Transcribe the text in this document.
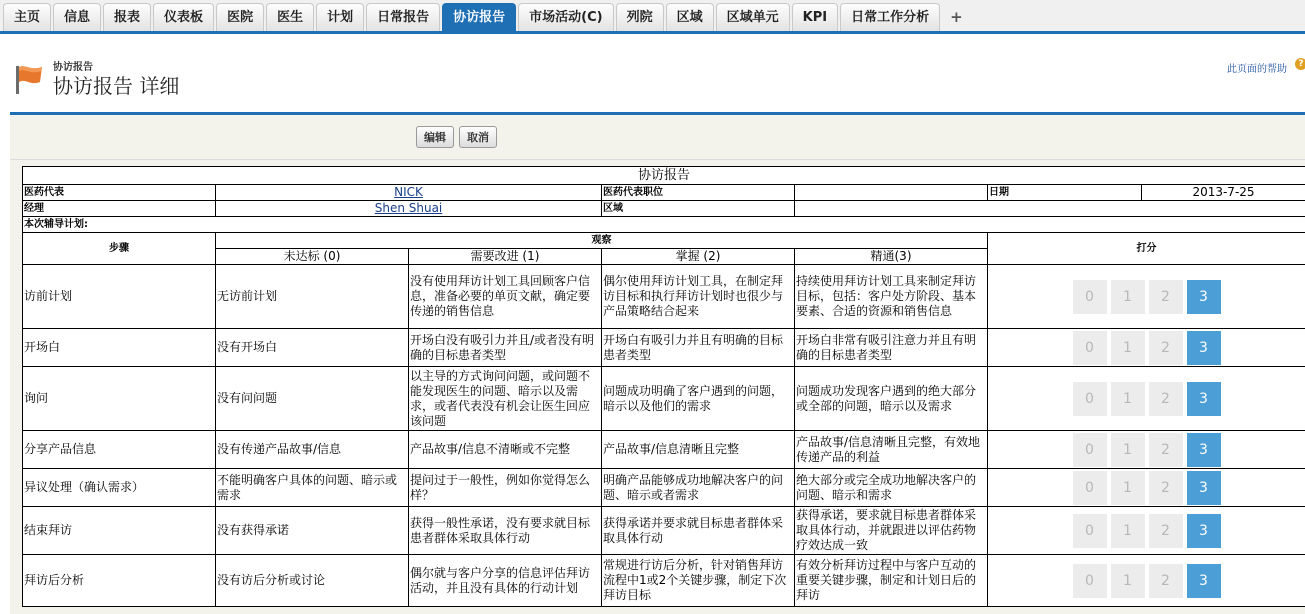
主页	信息	报表	仪表板	医院	医生	计划	日常报告	协访报告	市场活动(C)	列院	区域	区域单元	KPI	日常工作分析	+
协访报告
协访报告 详细
此页面的帮助	?
编辑	取消
协访报告						
医药代表	NICK		医药代表职位		日期	2013-7-25
经理	Shen Shuai		区域			
本次辅导计划:						
步骤	观察				打分	
	未达标 (0)	需要改进 (1)	掌握 (2)	精通(3)		
访前计划	无访前计划	没有使用拜访计划工具回顾客户信息，准备必要的单页文献，确定要传递的销售信息	偶尔使用拜访计划工具，在制定拜访目标和执行拜访计划时也很少与产品策略结合起来	持续使用拜访计划工具来制定拜访目标，包括：客户处方阶段、基本要素、合适的资源和销售信息	0 1 2 3	
开场白	没有开场白	开场白没有吸引力并且/或者没有明确的目标患者类型	开场白有吸引力并且有明确的目标患者类型	开场白非常有吸引注意力并且有明确的目标患者类型	0 1 2 3	
询问	没有问问题	以主导的方式询问问题，或问题不能发现医生的问题、暗示以及需求，或者代表没有机会让医生回应该问题	问题成功明确了客户遇到的问题，暗示以及他们的需求	问题成功发现客户遇到的绝大部分或全部的问题，暗示以及需求	0 1 2 3	
分享产品信息	没有传递产品故事/信息	产品故事/信息不清晰或不完整	产品故事/信息清晰且完整	产品故事/信息清晰且完整，有效地传递产品的利益	0 1 2 3	
异议处理（确认需求）	不能明确客户具体的问题、暗示或需求	提问过于一般性，例如你觉得怎么样？	明确产品能够成功地解决客户的问题、暗示或者需求	绝大部分或完全成功地解决客户的问题、暗示和需求	0 1 2 3	
结束拜访	没有获得承诺	获得一般性承诺，没有要求就目标患者群体采取具体行动	获得承诺并要求就目标患者群体采取具体行动	获得承诺，要求就目标患者群体采取具体行动，并就跟进以评估药物疗效达成一致	0 1 2 3	
拜访后分析	没有访后分析或讨论	偶尔就与客户分享的信息评估拜访活动，并且没有具体的行动计划	常规进行访后分析，针对销售拜访流程中1或2个关键步骤，制定下次拜访目标	有效分析拜访过程中与客户互动的重要关键步骤，制定和计划日后的拜访	0 1 2 3	
